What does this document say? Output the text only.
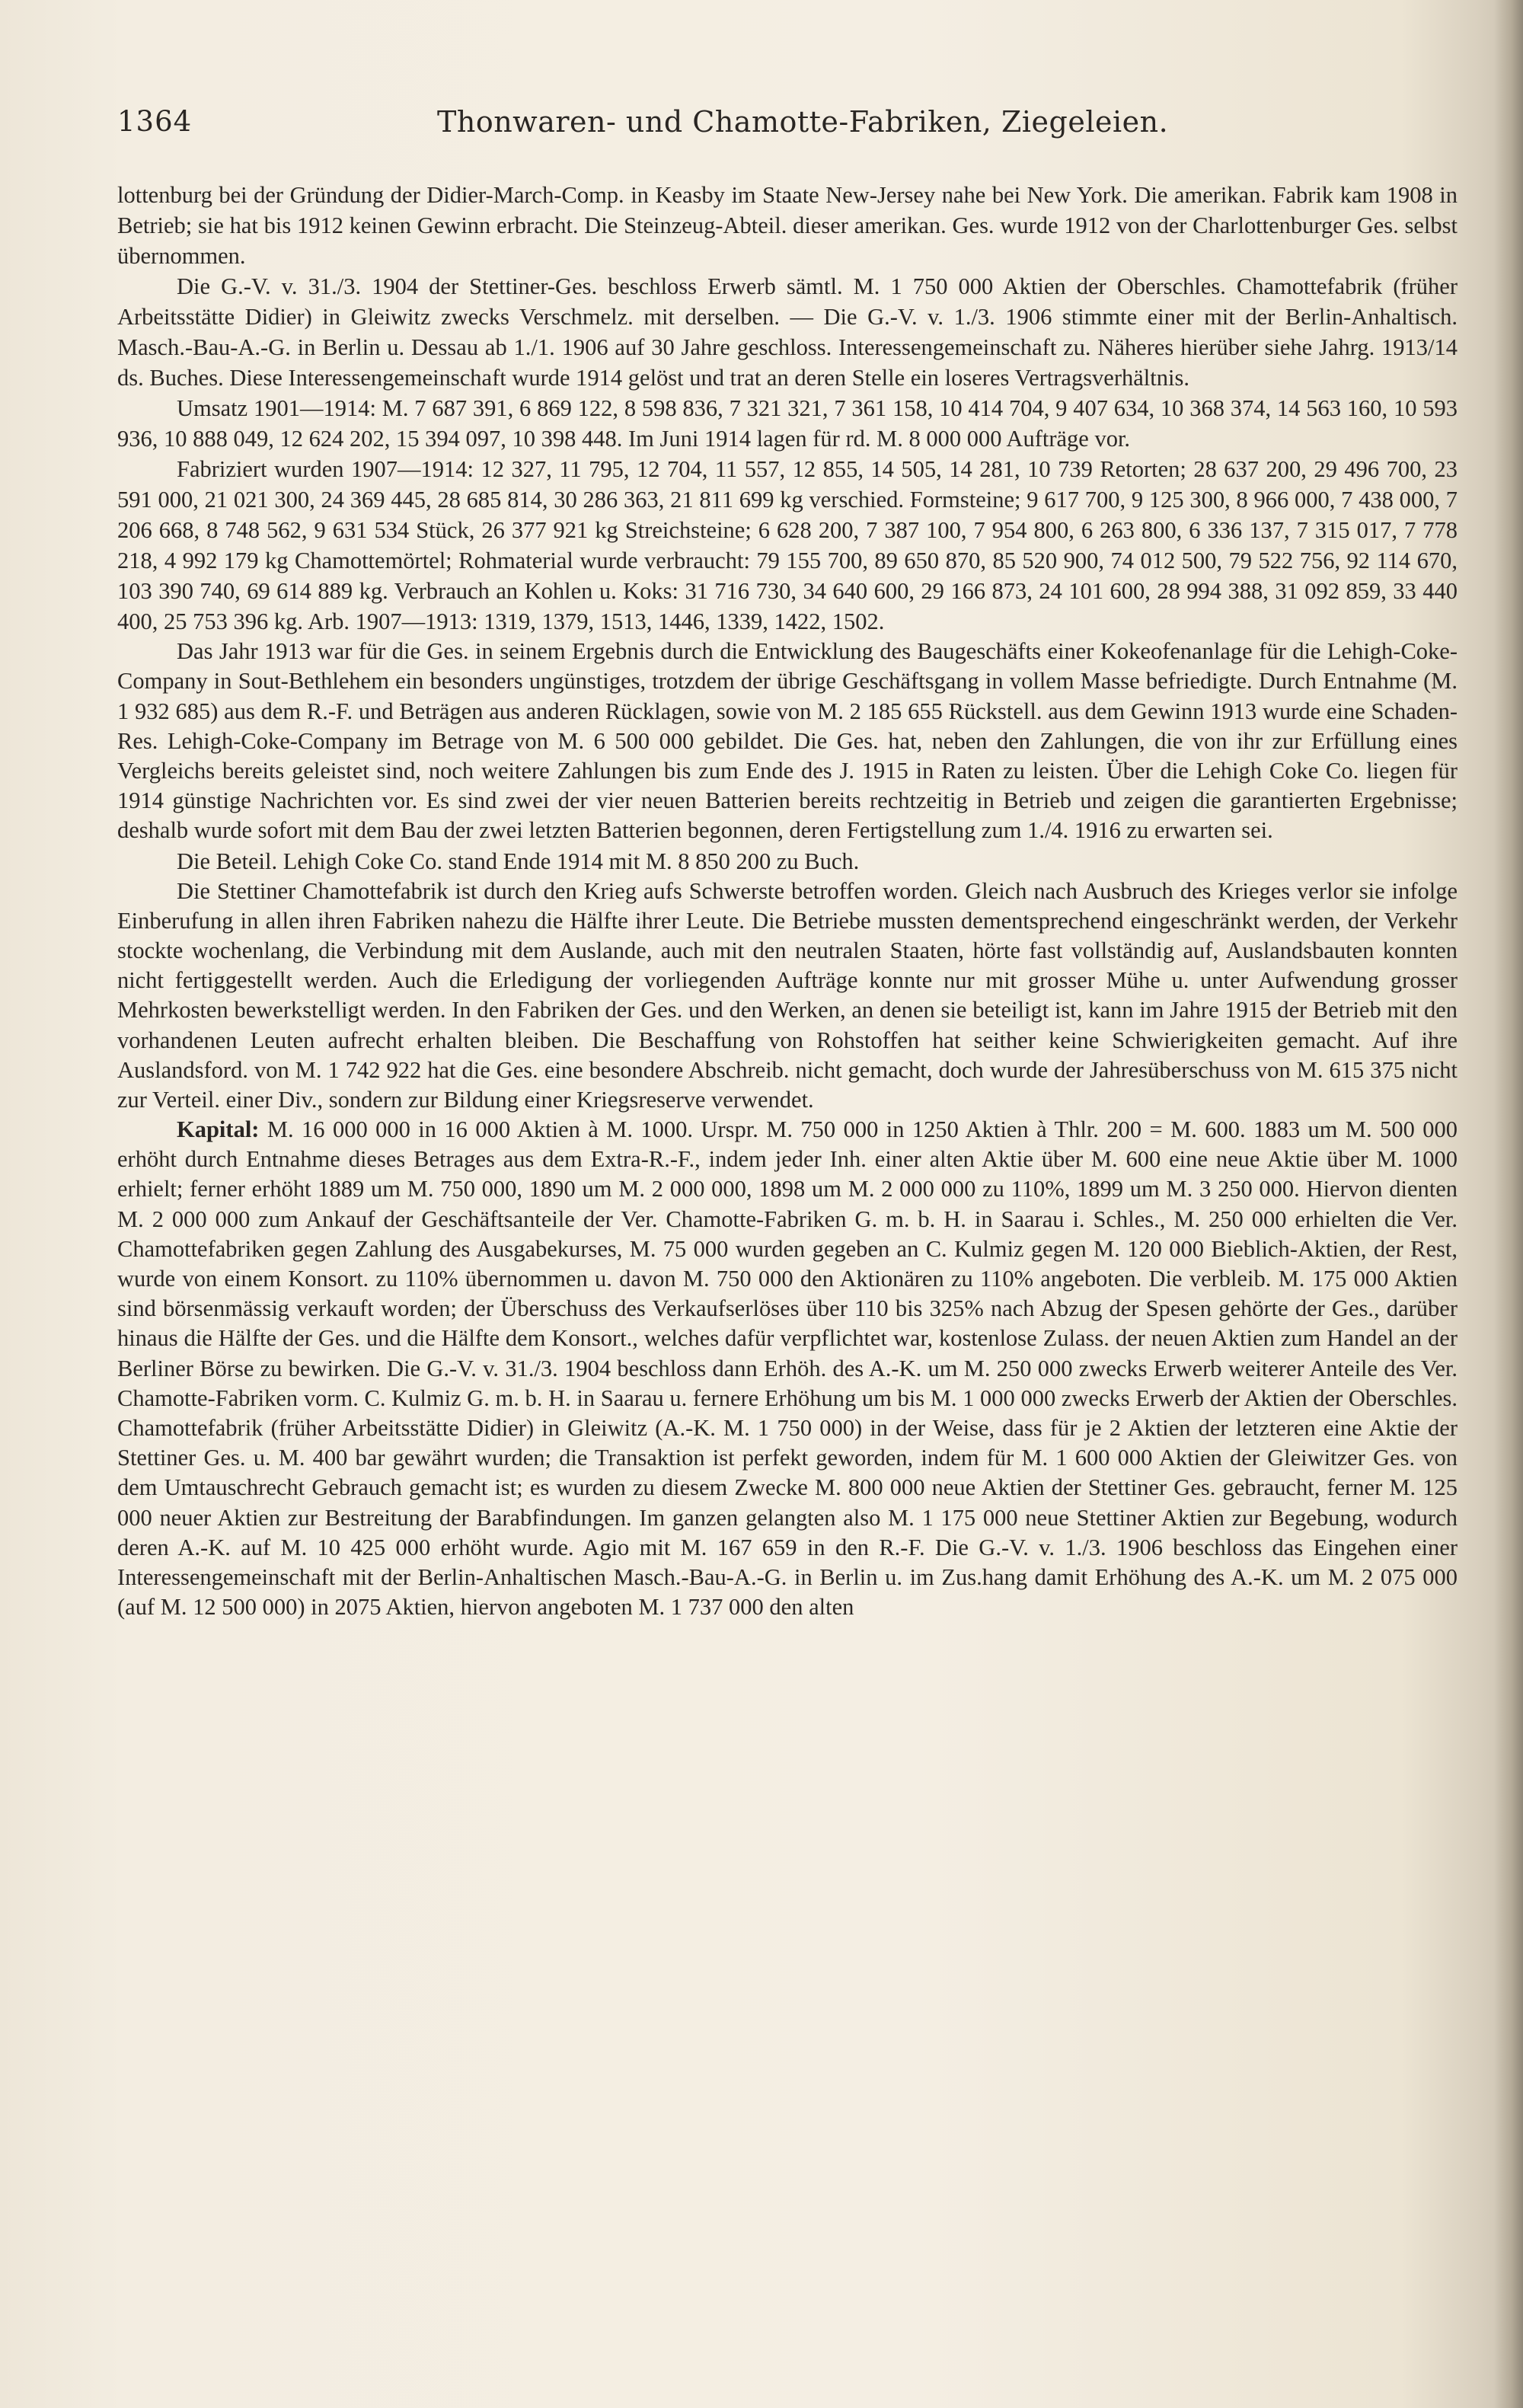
1364	Thonwaren- und Chamotte-Fabriken, Ziegeleien.

lottenburg bei der Gründung der Didier-March-Comp. in Keasby im Staate New-Jersey nahe bei New York. Die amerikan. Fabrik kam 1908 in Betrieb; sie hat bis 1912 keinen Gewinn erbracht. Die Steinzeug-Abteil. dieser amerikan. Ges. wurde 1912 von der Charlottenburger Ges. selbst übernommen.

Die G.-V. v. 31./3. 1904 der Stettiner-Ges. beschloss Erwerb sämtl. M. 1 750 000 Aktien der Oberschles. Chamottefabrik (früher Arbeitsstätte Didier) in Gleiwitz zwecks Verschmelz. mit derselben. — Die G.-V. v. 1./3. 1906 stimmte einer mit der Berlin-Anhaltisch. Masch.-Bau-A.-G. in Berlin u. Dessau ab 1./1. 1906 auf 30 Jahre geschloss. Interessengemeinschaft zu. Näheres hierüber siehe Jahrg. 1913/14 ds. Buches. Diese Interessengemeinschaft wurde 1914 gelöst und trat an deren Stelle ein loseres Vertragsverhältnis.

Umsatz 1901—1914: M. 7 687 391, 6 869 122, 8 598 836, 7 321 321, 7 361 158, 10 414 704, 9 407 634, 10 368 374, 14 563 160, 10 593 936, 10 888 049, 12 624 202, 15 394 097, 10 398 448. Im Juni 1914 lagen für rd. M. 8 000 000 Aufträge vor.

Fabriziert wurden 1907—1914: 12 327, 11 795, 12 704, 11 557, 12 855, 14 505, 14 281, 10 739 Retorten; 28 637 200, 29 496 700, 23 591 000, 21 021 300, 24 369 445, 28 685 814, 30 286 363, 21 811 699 kg verschied. Formsteine; 9 617 700, 9 125 300, 8 966 000, 7 438 000, 7 206 668, 8 748 562, 9 631 534 Stück, 26 377 921 kg Streichsteine; 6 628 200, 7 387 100, 7 954 800, 6 263 800, 6 336 137, 7 315 017, 7 778 218, 4 992 179 kg Chamottemörtel; Rohmaterial wurde verbraucht: 79 155 700, 89 650 870, 85 520 900, 74 012 500, 79 522 756, 92 114 670, 103 390 740, 69 614 889 kg. Verbrauch an Kohlen u. Koks: 31 716 730, 34 640 600, 29 166 873, 24 101 600, 28 994 388, 31 092 859, 33 440 400, 25 753 396 kg. Arb. 1907—1913: 1319, 1379, 1513, 1446, 1339, 1422, 1502.

Das Jahr 1913 war für die Ges. in seinem Ergebnis durch die Entwicklung des Baugeschäfts einer Kokeofenanlage für die Lehigh-Coke-Company in Sout-Bethlehem ein besonders ungünstiges, trotzdem der übrige Geschäftsgang in vollem Masse befriedigte. Durch Entnahme (M. 1 932 685) aus dem R.-F. und Beträgen aus anderen Rücklagen, sowie von M. 2 185 655 Rückstell. aus dem Gewinn 1913 wurde eine Schaden-Res. Lehigh-Coke-Company im Betrage von M. 6 500 000 gebildet. Die Ges. hat, neben den Zahlungen, die von ihr zur Erfüllung eines Vergleichs bereits geleistet sind, noch weitere Zahlungen bis zum Ende des J. 1915 in Raten zu leisten. Über die Lehigh Coke Co. liegen für 1914 günstige Nachrichten vor. Es sind zwei der vier neuen Batterien bereits rechtzeitig in Betrieb und zeigen die garantierten Ergebnisse; deshalb wurde sofort mit dem Bau der zwei letzten Batterien begonnen, deren Fertigstellung zum 1./4. 1916 zu erwarten sei.

Die Beteil. Lehigh Coke Co. stand Ende 1914 mit M. 8 850 200 zu Buch.

Die Stettiner Chamottefabrik ist durch den Krieg aufs Schwerste betroffen worden. Gleich nach Ausbruch des Krieges verlor sie infolge Einberufung in allen ihren Fabriken nahezu die Hälfte ihrer Leute. Die Betriebe mussten dementsprechend eingeschränkt werden, der Verkehr stockte wochenlang, die Verbindung mit dem Auslande, auch mit den neutralen Staaten, hörte fast vollständig auf, Auslandsbauten konnten nicht fertiggestellt werden. Auch die Erledigung der vorliegenden Aufträge konnte nur mit grosser Mühe u. unter Aufwendung grosser Mehrkosten bewerkstelligt werden. In den Fabriken der Ges. und den Werken, an denen sie beteiligt ist, kann im Jahre 1915 der Betrieb mit den vorhandenen Leuten aufrecht erhalten bleiben. Die Beschaffung von Rohstoffen hat seither keine Schwierigkeiten gemacht. Auf ihre Auslandsford. von M. 1 742 922 hat die Ges. eine besondere Abschreib. nicht gemacht, doch wurde der Jahresüberschuss von M. 615 375 nicht zur Verteil. einer Div., sondern zur Bildung einer Kriegsreserve verwendet.

Kapital: M. 16 000 000 in 16 000 Aktien à M. 1000. Urspr. M. 750 000 in 1250 Aktien à Thlr. 200 = M. 600. 1883 um M. 500 000 erhöht durch Entnahme dieses Betrages aus dem Extra-R.-F., indem jeder Inh. einer alten Aktie über M. 600 eine neue Aktie über M. 1000 erhielt; ferner erhöht 1889 um M. 750 000, 1890 um M. 2 000 000, 1898 um M. 2 000 000 zu 110%, 1899 um M. 3 250 000. Hiervon dienten M. 2 000 000 zum Ankauf der Geschäftsanteile der Ver. Chamotte-Fabriken G. m. b. H. in Saarau i. Schles., M. 250 000 erhielten die Ver. Chamottefabriken gegen Zahlung des Ausgabekurses, M. 75 000 wurden gegeben an C. Kulmiz gegen M. 120 000 Bieblich-Aktien, der Rest, wurde von einem Konsort. zu 110% übernommen u. davon M. 750 000 den Aktionären zu 110% angeboten. Die verbleib. M. 175 000 Aktien sind börsenmässig verkauft worden; der Überschuss des Verkaufserlöses über 110 bis 325% nach Abzug der Spesen gehörte der Ges., darüber hinaus die Hälfte der Ges. und die Hälfte dem Konsort., welches dafür verpflichtet war, kostenlose Zulass. der neuen Aktien zum Handel an der Berliner Börse zu bewirken. Die G.-V. v. 31./3. 1904 beschloss dann Erhöh. des A.-K. um M. 250 000 zwecks Erwerb weiterer Anteile des Ver. Chamotte-Fabriken vorm. C. Kulmiz G. m. b. H. in Saarau u. fernere Erhöhung um bis M. 1 000 000 zwecks Erwerb der Aktien der Oberschles. Chamottefabrik (früher Arbeitsstätte Didier) in Gleiwitz (A.-K. M. 1 750 000) in der Weise, dass für je 2 Aktien der letzteren eine Aktie der Stettiner Ges. u. M. 400 bar gewährt wurden; die Transaktion ist perfekt geworden, indem für M. 1 600 000 Aktien der Gleiwitzer Ges. von dem Umtauschrecht Gebrauch gemacht ist; es wurden zu diesem Zwecke M. 800 000 neue Aktien der Stettiner Ges. gebraucht, ferner M. 125 000 neuer Aktien zur Bestreitung der Barabfindungen. Im ganzen gelangten also M. 1 175 000 neue Stettiner Aktien zur Begebung, wodurch deren A.-K. auf M. 10 425 000 erhöht wurde. Agio mit M. 167 659 in den R.-F. Die G.-V. v. 1./3. 1906 beschloss das Eingehen einer Interessengemeinschaft mit der Berlin-Anhaltischen Masch.-Bau-A.-G. in Berlin u. im Zus.hang damit Erhöhung des A.-K. um M. 2 075 000 (auf M. 12 500 000) in 2075 Aktien, hiervon angeboten M. 1 737 000 den alten
